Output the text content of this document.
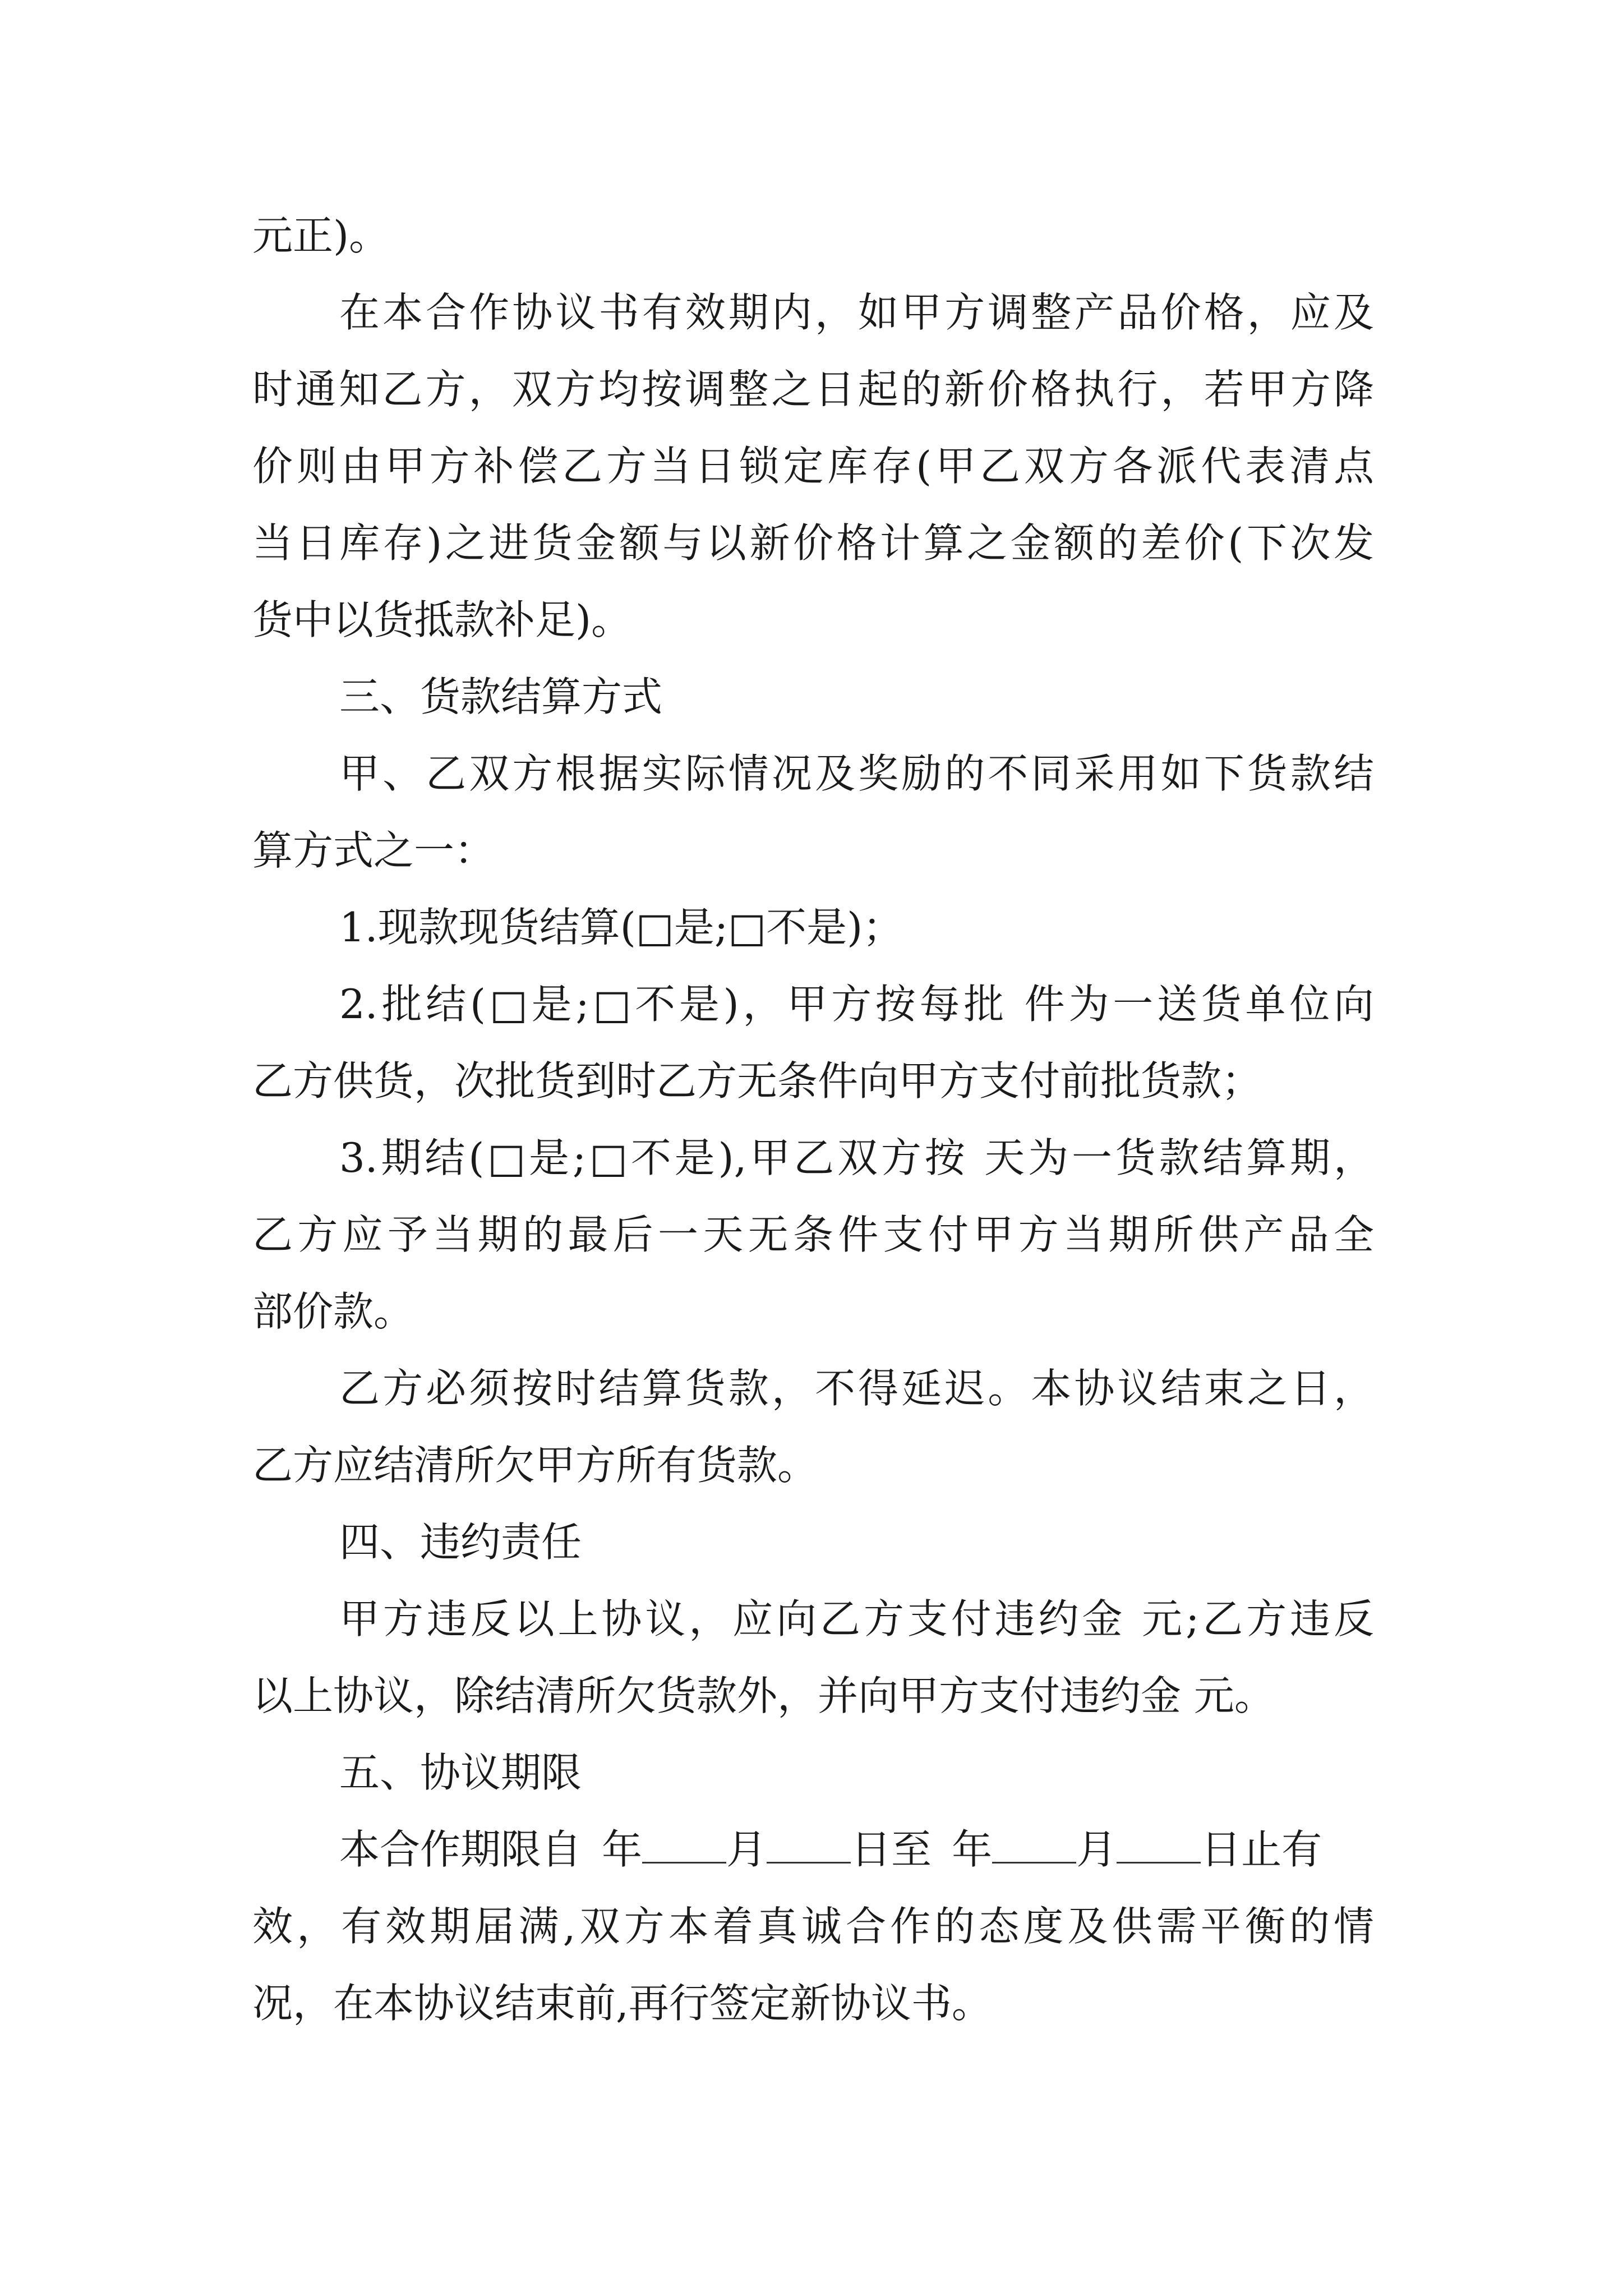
元正)。
在本合作协议书有效期内，如甲方调整产品价格，应及
时通知乙方，双方均按调整之日起的新价格执行，若甲方降
价则由甲方补偿乙方当日锁定库存(甲乙双方各派代表清点
当日库存)之进货金额与以新价格计算之金额的差价(下次发
货中以货抵款补足)。
三、货款结算方式
甲、乙双方根据实际情况及奖励的不同采用如下货款结
算方式之一：
1.现款现货结算(□是;□不是)；
2.批结(□是;□不是)，甲方按每批 件为一送货单位向
乙方供货，次批货到时乙方无条件向甲方支付前批货款；
3.期结(□是;□不是),甲乙双方按 天为一货款结算期，
乙方应予当期的最后一天无条件支付甲方当期所供产品全
部价款。
乙方必须按时结算货款，不得延迟。本协议结束之日，
乙方应结清所欠甲方所有货款。
四、违约责任
甲方违反以上协议，应向乙方支付违约金 元;乙方违反
以上协议，除结清所欠货款外，并向甲方支付违约金 元。
五、协议期限
本合作期限自 年 月 日至 年 月 日止有
效，有效期届满,双方本着真诚合作的态度及供需平衡的情
况，在本协议结束前,再行签定新协议书。
